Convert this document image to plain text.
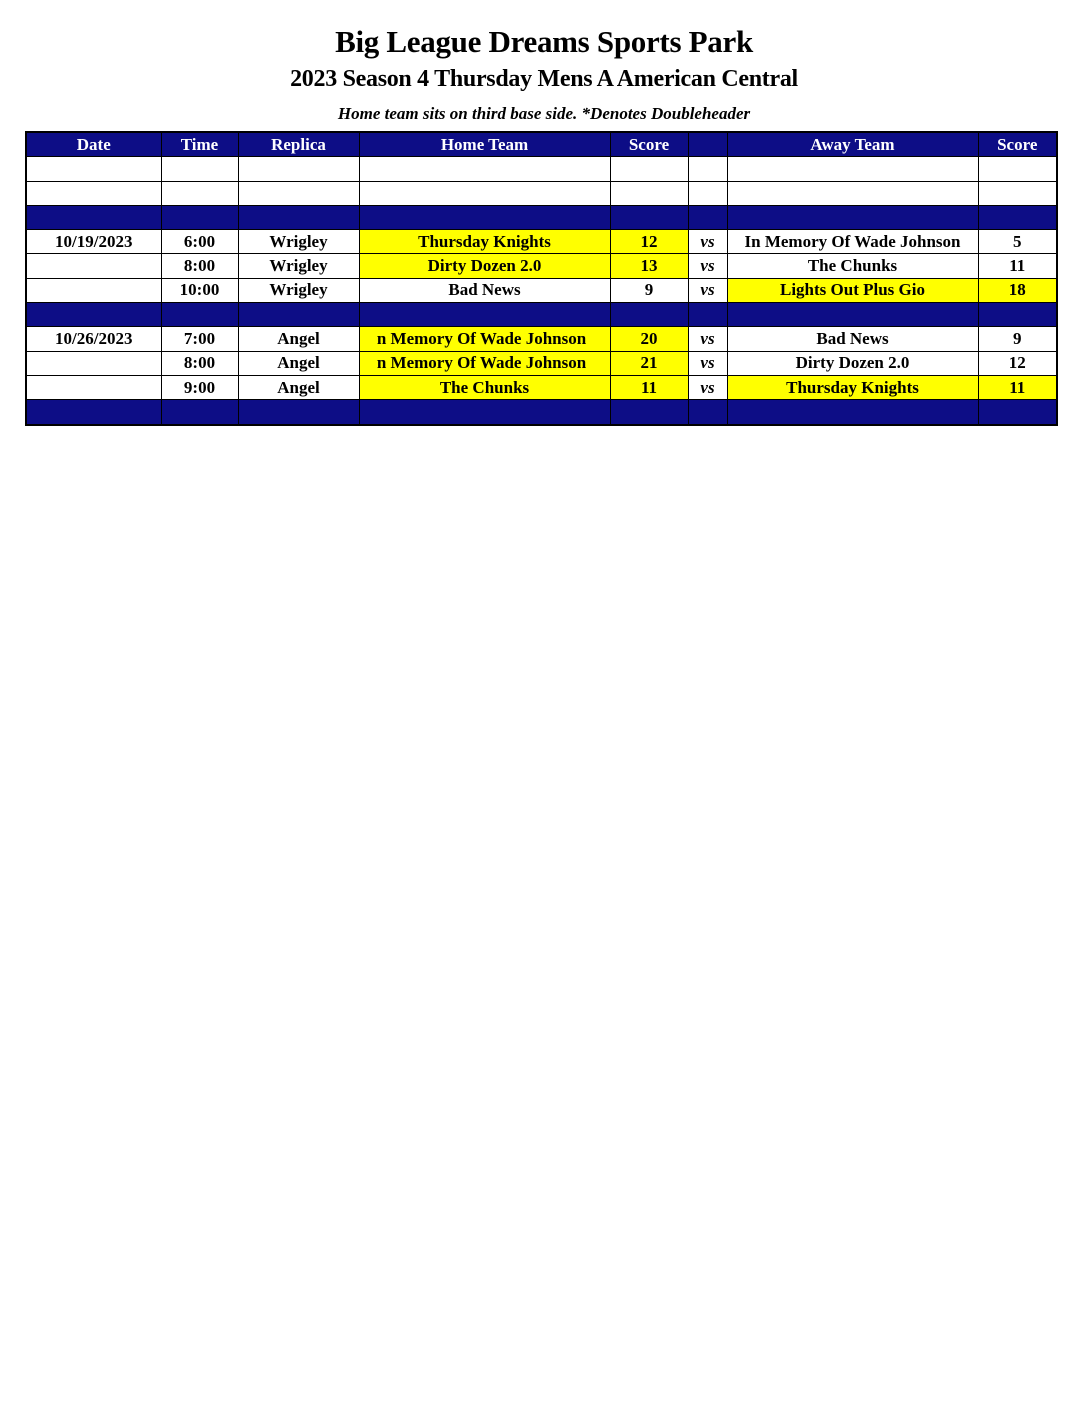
Big League Dreams Sports Park
2023 Season 4 Thursday Mens A American Central
Home team sits on third base side. *Denotes Doubleheader
Date	Time	Replica	Home Team	Score		Away Team	Score

10/19/2023	6:00	Wrigley	Thursday Knights	12	vs	In Memory Of Wade Johnson	5
	8:00	Wrigley	Dirty Dozen 2.0	13	vs	The Chunks	11
	10:00	Wrigley	Bad News	9	vs	Lights Out Plus Gio	18

10/26/2023	7:00	Angel	n Memory Of Wade Johnson	20	vs	Bad News	9
	8:00	Angel	n Memory Of Wade Johnson	21	vs	Dirty Dozen 2.0	12
	9:00	Angel	The Chunks	11	vs	Thursday Knights	11
